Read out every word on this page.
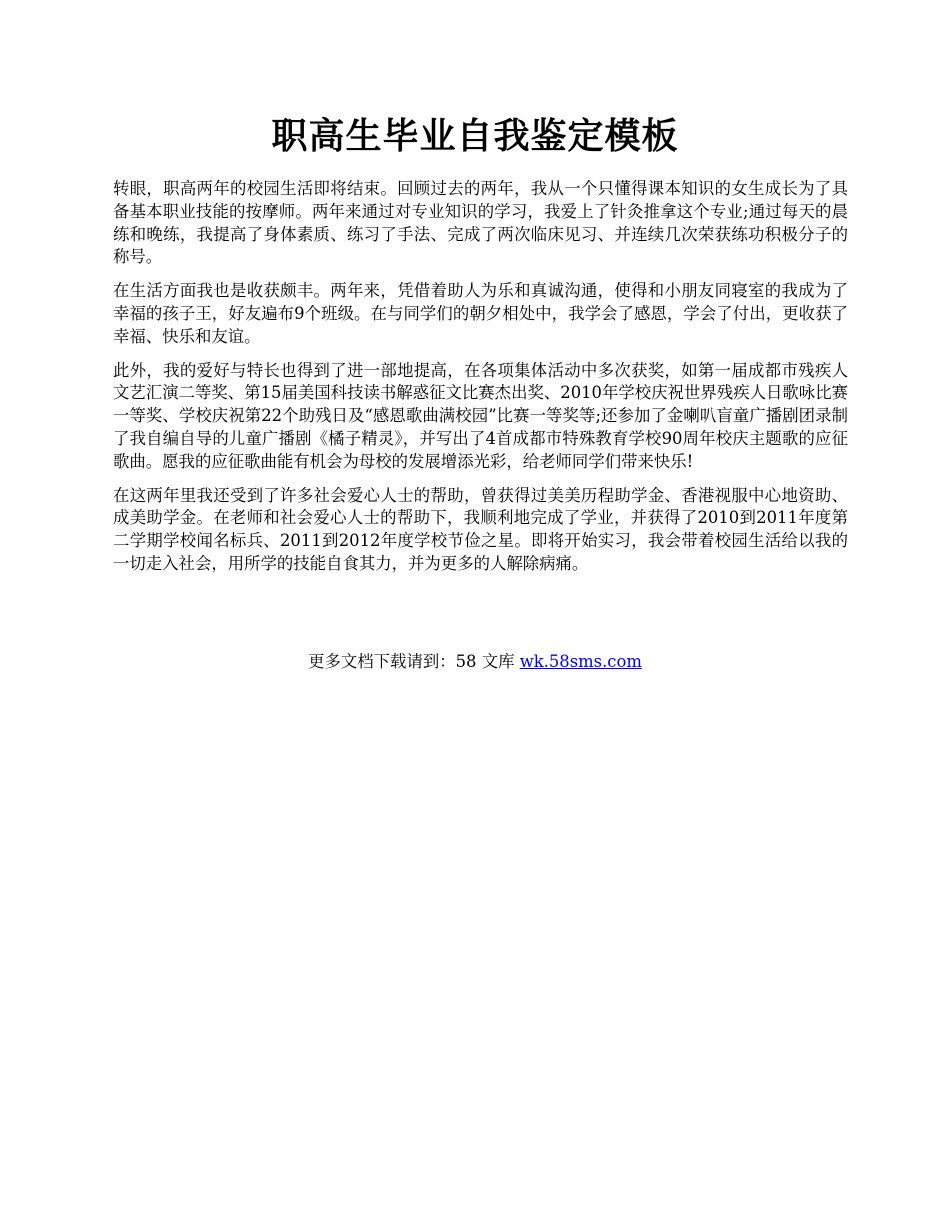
职高生毕业自我鉴定模板

转眼，职高两年的校园生活即将结束。回顾过去的两年，我从一个只懂得课本知识的女生成长为了具备基本职业技能的按摩师。两年来通过对专业知识的学习，我爱上了针灸推拿这个专业;通过每天的晨练和晚练，我提高了身体素质、练习了手法、完成了两次临床见习、并连续几次荣获练功积极分子的称号。

在生活方面我也是收获颇丰。两年来，凭借着助人为乐和真诚沟通，使得和小朋友同寝室的我成为了幸福的孩子王，好友遍布9个班级。在与同学们的朝夕相处中，我学会了感恩，学会了付出，更收获了幸福、快乐和友谊。

此外，我的爱好与特长也得到了进一部地提高，在各项集体活动中多次获奖，如第一届成都市残疾人文艺汇演二等奖、第15届美国科技读书解惑征文比赛杰出奖、2010年学校庆祝世界残疾人日歌咏比赛一等奖、学校庆祝第22个助残日及“感恩歌曲满校园”比赛一等奖等;还参加了金喇叭盲童广播剧团录制了我自编自导的儿童广播剧《橘子精灵》，并写出了4首成都市特殊教育学校90周年校庆主题歌的应征歌曲。愿我的应征歌曲能有机会为母校的发展增添光彩，给老师同学们带来快乐!

在这两年里我还受到了许多社会爱心人士的帮助，曾获得过美美历程助学金、香港视服中心地资助、成美助学金。在老师和社会爱心人士的帮助下，我顺利地完成了学业，并获得了2010到2011年度第二学期学校闻名标兵、2011到2012年度学校节俭之星。即将开始实习，我会带着校园生活给以我的一切走入社会，用所学的技能自食其力，并为更多的人解除病痛。

更多文档下载请到：58 文库 wk.58sms.com
